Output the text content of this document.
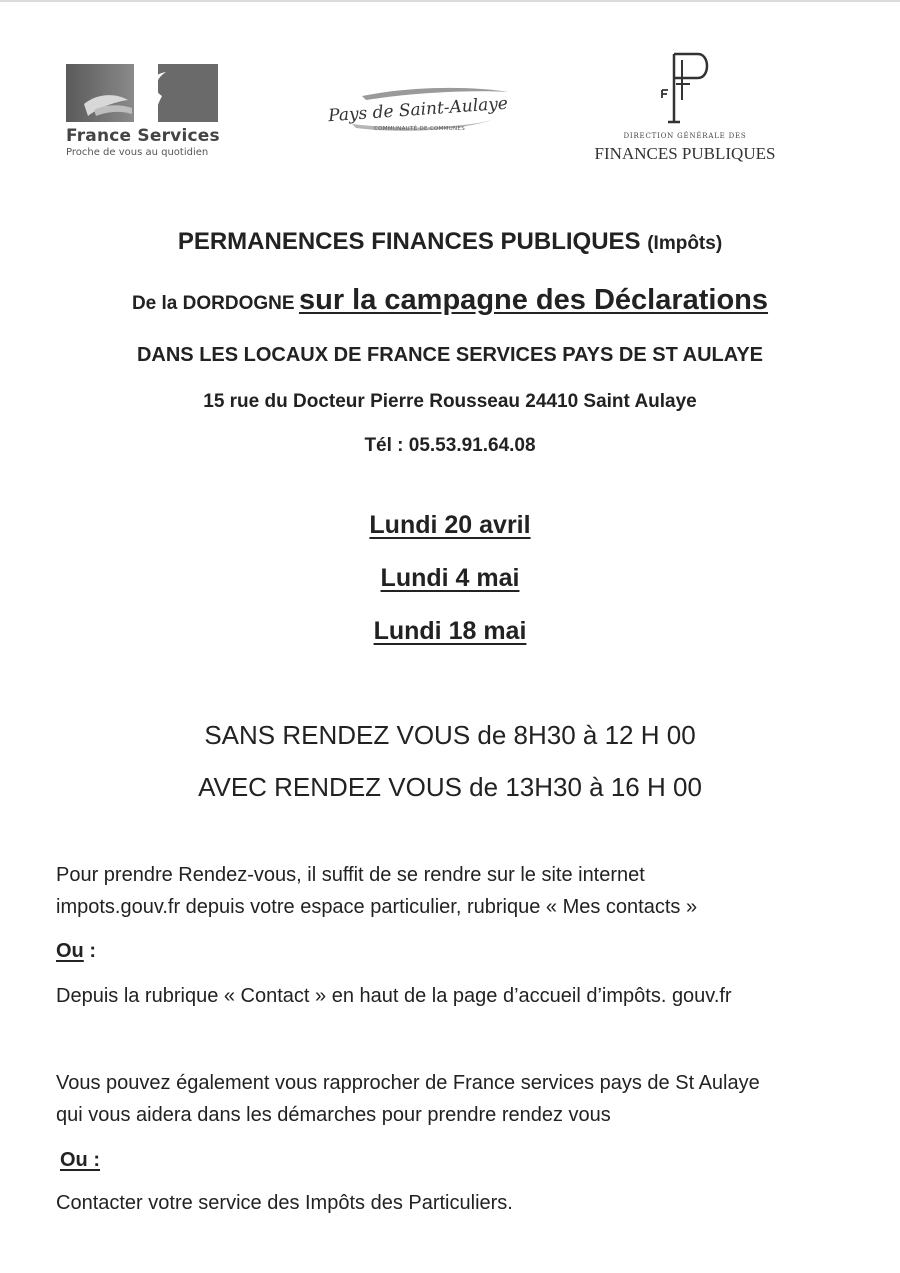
France Services
Proche de vous au quotidien
Pays de Saint-Aulaye
COMMUNAUTÉ DE COMMUNES
DIRECTION GÉNÉRALE DES
FINANCES PUBLIQUES
PERMANENCES FINANCES PUBLIQUES (Impôts)
De la DORDOGNE sur la campagne des Déclarations
DANS LES LOCAUX DE FRANCE SERVICES PAYS DE ST AULAYE
15 rue du Docteur Pierre Rousseau 24410 Saint Aulaye
Tél : 05.53.91.64.08
Lundi 20 avril
Lundi 4 mai
Lundi 18 mai
SANS RENDEZ VOUS de 8H30 à 12 H 00
AVEC RENDEZ VOUS de 13H30 à 16 H 00
Pour prendre Rendez-vous, il suffit de se rendre sur le site internet
impots.gouv.fr depuis votre espace particulier, rubrique « Mes contacts »
Ou :
Depuis la rubrique « Contact » en haut de la page d’accueil d’impôts. gouv.fr
Vous pouvez également vous rapprocher de France services pays de St Aulaye
qui vous aidera dans les démarches pour prendre rendez vous
Ou :
Contacter votre service des Impôts des Particuliers.
